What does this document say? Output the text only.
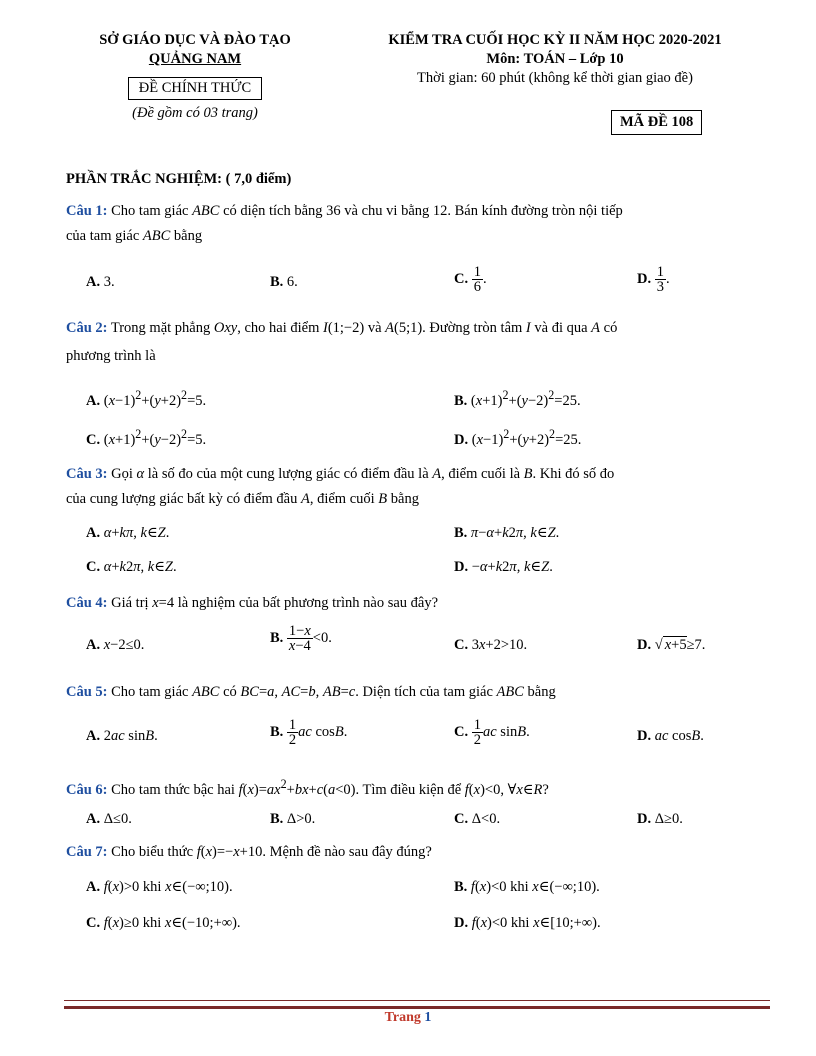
SỞ GIÁO DỤC VÀ ĐÀO TẠO
QUẢNG NAM
ĐỀ CHÍNH THỨC
(Đề gồm có 03 trang)
KIỂM TRA CUỐI HỌC KỲ II NĂM HỌC 2020-2021
Môn: TOÁN – Lớp 10
Thời gian: 60 phút (không kể thời gian giao đề)
MÃ ĐỀ 108
PHẦN TRẮC NGHIỆM: ( 7,0 điểm)
Câu 1: Cho tam giác ABC có diện tích bằng 36 và chu vi bằng 12. Bán kính đường tròn nội tiếp
của tam giác ABC bằng
A. 3.	B. 6.	C. $\frac{1}{6}$ .	D. $\frac{1}{3}$ .
Câu 2: Trong mặt phẳng Oxy, cho hai điểm I(1;−2) và A(5;1). Đường tròn tâm I và đi qua A có
phương trình là
A. $(x-1)^2+(y+2)^2=5$.	B. $(x+1)^2+(y-2)^2=25$.
C. $(x+1)^2+(y-2)^2=5$.	D. $(x-1)^2+(y+2)^2=25$.
Câu 3: Gọi α là số đo của một cung lượng giác có điểm đầu là A, điểm cuối là B. Khi đó số đo
của cung lượng giác bất kỳ có điểm đầu A, điểm cuối B bằng
A. α+kπ, k∈Z.	B. π−α+k2π, k∈Z.
C. α+k2π, k∈Z.	D. −α+k2π, k∈Z.
Câu 4: Giá trị x=4 là nghiệm của bất phương trình nào sau đây?
A. x−2≤0.	B. $\frac{1-x}{x-4} <0$.	C. 3x+2>10.	D. √ x+5≥7.
Câu 5: Cho tam giác ABC có BC=a, AC=b, AB=c. Diện tích của tam giác ABC bằng
A. 2ac sinB.	B. $\frac{1}{2}$ ac cosB.	C. $\frac{1}{2}$ ac sinB.	D. ac cosB.
Câu 6: Cho tam thức bậc hai $f(x)=ax^2+bx+c(a<0)$. Tìm điều kiện để f(x)<0, ∀x∈R?
A. Δ≤0.	B. Δ>0.	C. Δ<0.	D. Δ≥0.
Câu 7: Cho biểu thức f(x)=−x+10. Mệnh đề nào sau đây đúng?
A. f(x)>0 khi x∈(−∞;10).	B. f(x)<0 khi x∈(−∞;10).
C. f(x)≥0 khi x∈(−10;+∞).	D. f(x)<0 khi x∈[10;+∞).
Trang 1
